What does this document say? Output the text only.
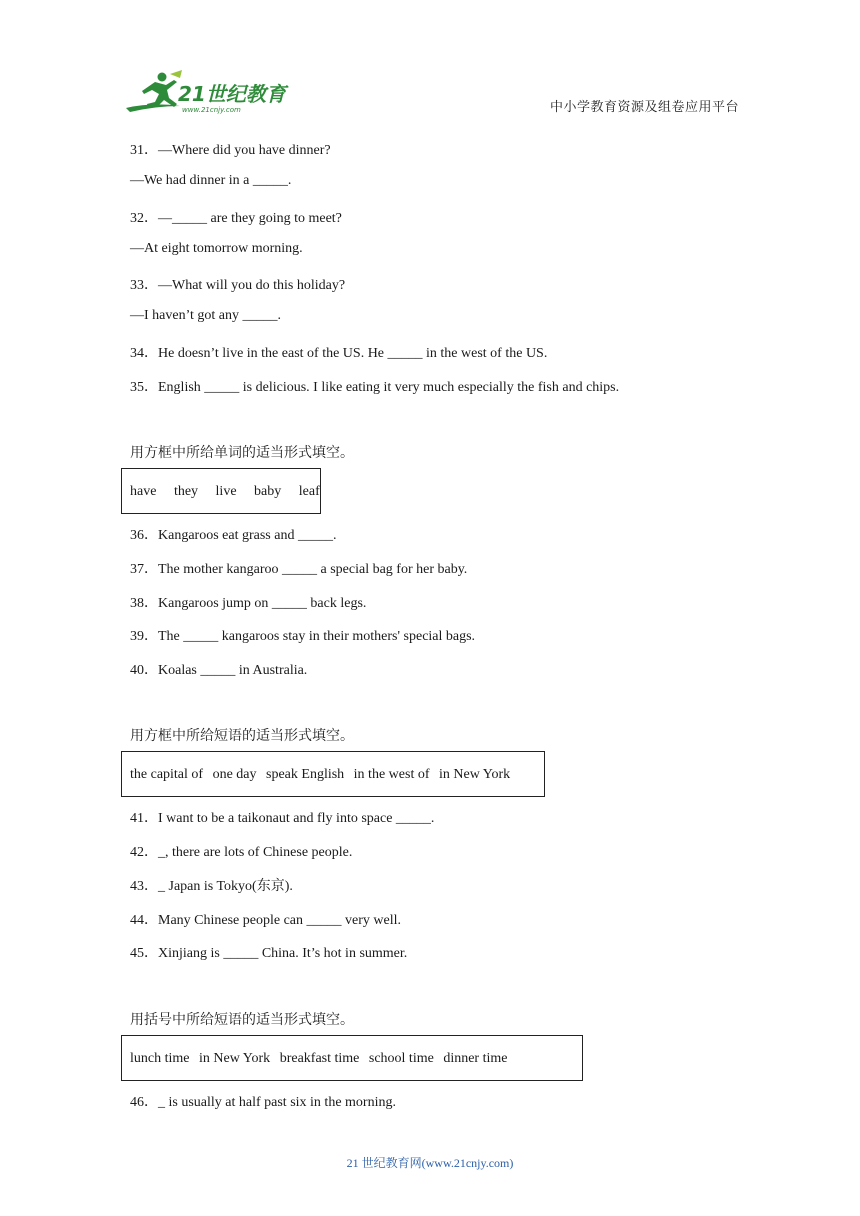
21世纪教育
www.21cnjy.com	中小学教育资源及组卷应用平台
31．—Where did you have dinner?
—We had dinner in a _____.
32．—_____ are they going to meet?
—At eight tomorrow morning.
33．—What will you do this holiday?
—I haven’t got any _____.
34．He doesn’t live in the east of the US. He _____ in the west of the US.
35．English _____ is delicious. I like eating it very much especially the fish and chips.
用方框中所给单词的适当形式填空。
have they live baby leaf
36．Kangaroos eat grass and _____.
37．The mother kangaroo _____ a special bag for her baby.
38．Kangaroos jump on _____ back legs.
39．The _____ kangaroos stay in their mothers' special bags.
40．Koalas _____ in Australia.
用方框中所给短语的适当形式填空。
the capital of one day speak English in the west of in New York
41．I want to be a taikonaut and fly into space _____.
42．_, there are lots of Chinese people.
43．_ Japan is Tokyo(东京).
44．Many Chinese people can _____ very well.
45．Xinjiang is _____ China. It’s hot in summer.
用括号中所给短语的适当形式填空。
lunch time in New York breakfast time school time dinner time
46．_ is usually at half past six in the morning.
21 世纪教育网(www.21cnjy.com)
